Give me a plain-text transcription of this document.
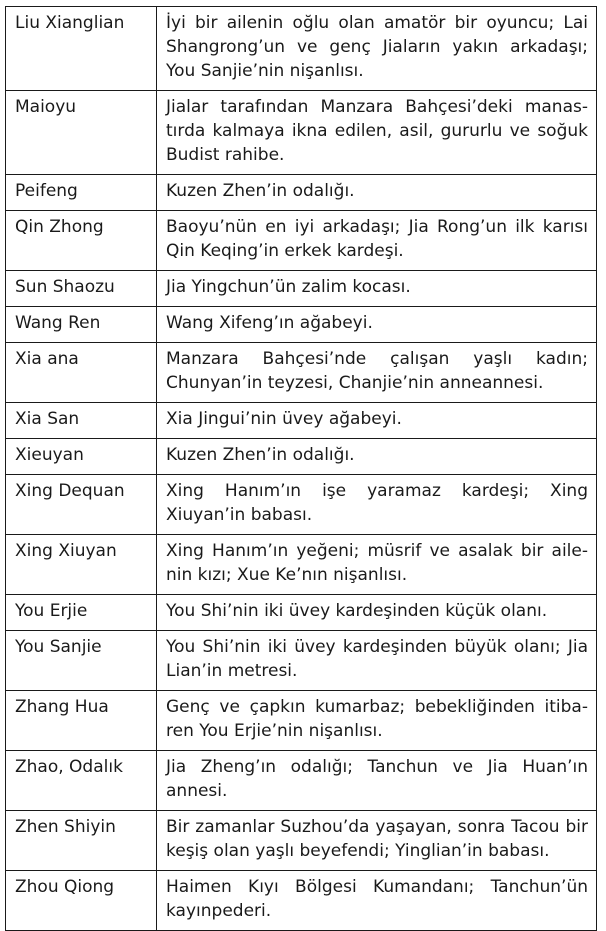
Liu Xianglian	İyi bir ailenin oğlu olan amatör bir oyuncu; Lai Shangrong’un ve genç Jiaların yakın arkadaşı; You Sanjie’nin nişanlısı.
Maioyu	Jialar tarafından Manzara Bahçesi’deki manastırda kalmaya ikna edilen, asil, gururlu ve soğuk Budist rahibe.
Peifeng	Kuzen Zhen’in odalığı.
Qin Zhong	Baoyu’nün en iyi arkadaşı; Jia Rong’un ilk karısı Qin Keqing’in erkek kardeşi.
Sun Shaozu	Jia Yingchun’ün zalim kocası.
Wang Ren	Wang Xifeng’ın ağabeyi.
Xia ana	Manzara Bahçesi’nde çalışan yaşlı kadın; Chunyan’in teyzesi, Chanjie’nin anneannesi.
Xia San	Xia Jingui’nin üvey ağabeyi.
Xieuyan	Kuzen Zhen’in odalığı.
Xing Dequan	Xing Hanım’ın işe yaramaz kardeşi; Xing Xiuyan’in babası.
Xing Xiuyan	Xing Hanım’ın yeğeni; müsrif ve asalak bir ailenin kızı; Xue Ke’nın nişanlısı.
You Erjie	You Shi’nin iki üvey kardeşinden küçük olanı.
You Sanjie	You Shi’nin iki üvey kardeşinden büyük olanı; Jia Lian’in metresi.
Zhang Hua	Genç ve çapkın kumarbaz; bebekliğinden itibaren You Erjie’nin nişanlısı.
Zhao, Odalık	Jia Zheng’ın odalığı; Tanchun ve Jia Huan’ın annesi.
Zhen Shiyin	Bir zamanlar Suzhou’da yaşayan, sonra Tacou bir keşiş olan yaşlı beyefendi; Yinglian’in babası.
Zhou Qiong	Haimen Kıyı Bölgesi Kumandanı; Tanchun’ün kayınpederi.
